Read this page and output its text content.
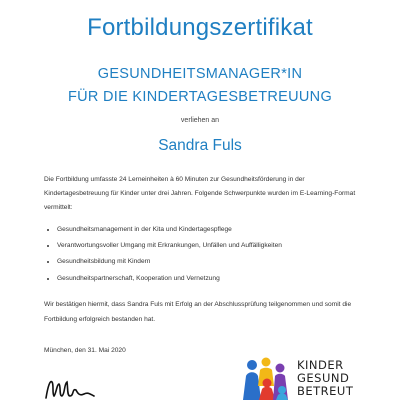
Fortbildungszertifikat
GESUNDHEITSMANAGER*IN
FÜR DIE KINDERTAGESBETREUUNG
verliehen an
Sandra Fuls
Die Fortbildung umfasste 24 Lerneinheiten à 60 Minuten zur Gesundheitsförderung in der Kindertagesbetreuung für Kinder unter drei Jahren. Folgende Schwerpunkte wurden im E-Learning-Format vermittelt:
• Gesundheitsmanagement in der Kita und Kindertagespflege
• Verantwortungsvoller Umgang mit Erkrankungen, Unfällen und Auffälligkeiten
• Gesundheitsbildung mit Kindern
• Gesundheitspartnerschaft, Kooperation und Vernetzung
Wir bestätigen hiermit, dass Sandra Fuls mit Erfolg an der Abschlussprüfung teilgenommen und somit die Fortbildung erfolgreich bestanden hat.
München, den 31. Mai 2020
KINDER
GESUND
BETREUT
